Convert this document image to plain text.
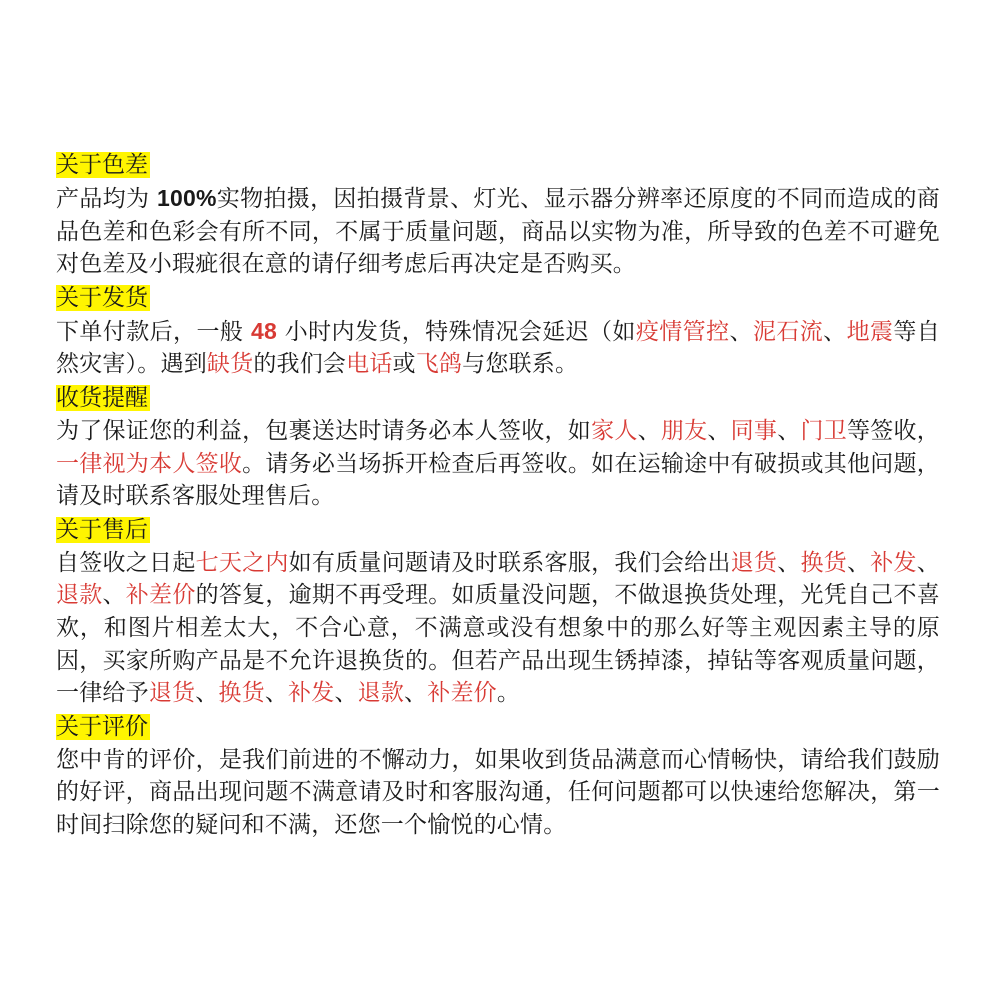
关于色差

产品均为 100%实物拍摄，因拍摄背景、灯光、显示器分辨率还原度的不同而造成的商品色差和色彩会有所不同，不属于质量问题，商品以实物为准，所导致的色差不可避免对色差及小瑕疵很在意的请仔细考虑后再决定是否购买。

关于发货

下单付款后，一般 48 小时内发货，特殊情况会延迟（如疫情管控、泥石流、地震等自然灾害）。遇到缺货的我们会电话或飞鸽与您联系。

收货提醒

为了保证您的利益，包裹送达时请务必本人签收，如家人、朋友、同事、门卫等签收，一律视为本人签收。请务必当场拆开检查后再签收。如在运输途中有破损或其他问题，请及时联系客服处理售后。

关于售后

自签收之日起七天之内如有质量问题请及时联系客服，我们会给出退货、换货、补发、退款、补差价的答复，逾期不再受理。如质量没问题，不做退换货处理，光凭自己不喜欢，和图片相差太大，不合心意，不满意或没有想象中的那么好等主观因素主导的原因，买家所购产品是不允许退换货的。但若产品出现生锈掉漆，掉钻等客观质量问题，一律给予退货、换货、补发、退款、补差价。

关于评价

您中肯的评价，是我们前进的不懈动力，如果收到货品满意而心情畅快，请给我们鼓励的好评，商品出现问题不满意请及时和客服沟通，任何问题都可以快速给您解决，第一时间扫除您的疑问和不满，还您一个愉悦的心情。
